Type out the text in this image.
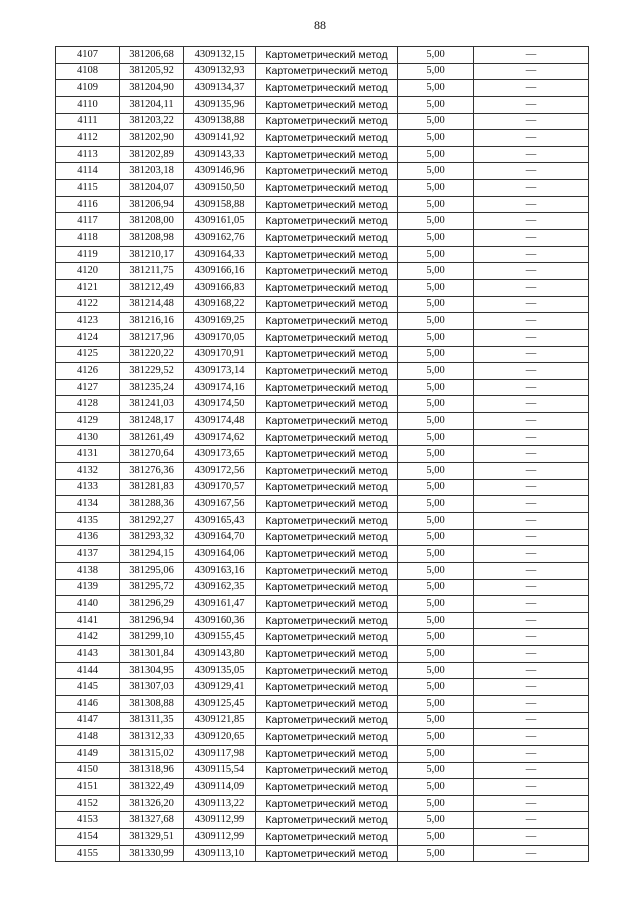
88
4107	381206,68	4309132,15	Картометрический метод	5,00	—
4108	381205,92	4309132,93	Картометрический метод	5,00	—
4109	381204,90	4309134,37	Картометрический метод	5,00	—
4110	381204,11	4309135,96	Картометрический метод	5,00	—
4111	381203,22	4309138,88	Картометрический метод	5,00	—
4112	381202,90	4309141,92	Картометрический метод	5,00	—
4113	381202,89	4309143,33	Картометрический метод	5,00	—
4114	381203,18	4309146,96	Картометрический метод	5,00	—
4115	381204,07	4309150,50	Картометрический метод	5,00	—
4116	381206,94	4309158,88	Картометрический метод	5,00	—
4117	381208,00	4309161,05	Картометрический метод	5,00	—
4118	381208,98	4309162,76	Картометрический метод	5,00	—
4119	381210,17	4309164,33	Картометрический метод	5,00	—
4120	381211,75	4309166,16	Картометрический метод	5,00	—
4121	381212,49	4309166,83	Картометрический метод	5,00	—
4122	381214,48	4309168,22	Картометрический метод	5,00	—
4123	381216,16	4309169,25	Картометрический метод	5,00	—
4124	381217,96	4309170,05	Картометрический метод	5,00	—
4125	381220,22	4309170,91	Картометрический метод	5,00	—
4126	381229,52	4309173,14	Картометрический метод	5,00	—
4127	381235,24	4309174,16	Картометрический метод	5,00	—
4128	381241,03	4309174,50	Картометрический метод	5,00	—
4129	381248,17	4309174,48	Картометрический метод	5,00	—
4130	381261,49	4309174,62	Картометрический метод	5,00	—
4131	381270,64	4309173,65	Картометрический метод	5,00	—
4132	381276,36	4309172,56	Картометрический метод	5,00	—
4133	381281,83	4309170,57	Картометрический метод	5,00	—
4134	381288,36	4309167,56	Картометрический метод	5,00	—
4135	381292,27	4309165,43	Картометрический метод	5,00	—
4136	381293,32	4309164,70	Картометрический метод	5,00	—
4137	381294,15	4309164,06	Картометрический метод	5,00	—
4138	381295,06	4309163,16	Картометрический метод	5,00	—
4139	381295,72	4309162,35	Картометрический метод	5,00	—
4140	381296,29	4309161,47	Картометрический метод	5,00	—
4141	381296,94	4309160,36	Картометрический метод	5,00	—
4142	381299,10	4309155,45	Картометрический метод	5,00	—
4143	381301,84	4309143,80	Картометрический метод	5,00	—
4144	381304,95	4309135,05	Картометрический метод	5,00	—
4145	381307,03	4309129,41	Картометрический метод	5,00	—
4146	381308,88	4309125,45	Картометрический метод	5,00	—
4147	381311,35	4309121,85	Картометрический метод	5,00	—
4148	381312,33	4309120,65	Картометрический метод	5,00	—
4149	381315,02	4309117,98	Картометрический метод	5,00	—
4150	381318,96	4309115,54	Картометрический метод	5,00	—
4151	381322,49	4309114,09	Картометрический метод	5,00	—
4152	381326,20	4309113,22	Картометрический метод	5,00	—
4153	381327,68	4309112,99	Картометрический метод	5,00	—
4154	381329,51	4309112,99	Картометрический метод	5,00	—
4155	381330,99	4309113,10	Картометрический метод	5,00	—
